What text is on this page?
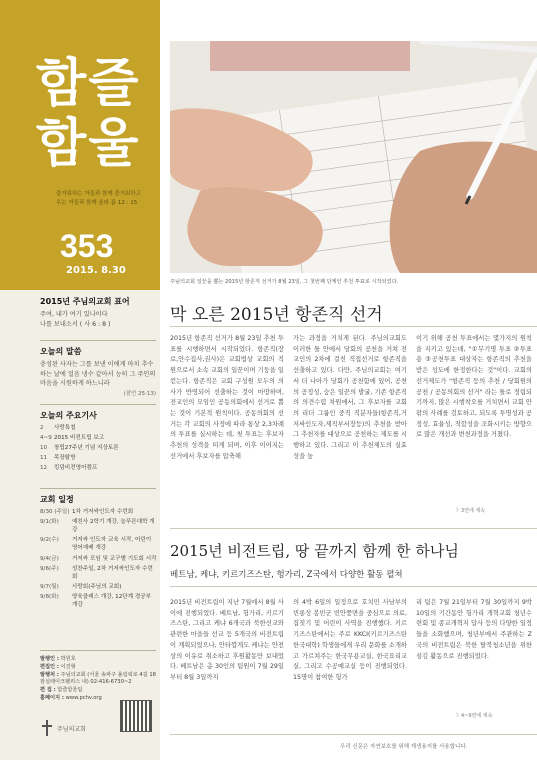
함즐
함울
즐거워하는 자들과 함께 즐거워하고
우는 자들과 함께 울라 롬 12 : 15
353
2015. 8.30
2015년 주님의교회 표어
주여, 내가 여기 있나이다
나를 보내소서 ( 사 6 : 8 )
오늘의 말씀
충성된 사자는 그를 보낸 이에게 마치 추수하는 날에 얼음 냉수 같아서 능히 그 주인의 마음을 시원하게 하느니라
(잠언 25:13)
오늘의 주요기사
2	사랑톡칩
4~9	2015 비전트립 보고
10	창립27주년 기념 지상토론
11	목장탐방
12	킹덤비전영어캠프
교회 일정
8/30 (주일)	1차 거저싸인도자 수련회
9/1(화)	예친사 2학기 개강, 늘푸른대학 개강
9/2(수)	거저싸 인도자 교육 시작, 어린이 영어예배 개강
9/4(금)	거저싸 모임 및 교구별 기도회 시작
9/6(주)	성찬주일, 2차 거저싸인도자 수련회
9/7(월)	사랑회(주님의 교회)
9/8(화)	양육클래스 개강, 12단계 경공부 개강
발행인 : 박원호
편집인 : 이진형
발행처 : 주님의교회 (서울 송파구 올림픽로 4길 18 잠실레이크펠리스 내) 02-416-6730~2
편 집 : 함즐함울팀
홈페이지 : www.pchv.org
주님의교회
주님의교회 일꾼을 뽑는 2015년 항존직 선거가 8월 23일, 그 첫번째 단계인 추천 투표로 시작되었다.
막 오른 2015년 항존직 선거
2015년 항존직 선거가 8월 23일 추천 투표를 시행하면서 시작되었다. 항존직(장로,안수집사,권사)은 교회법상 교회의 직원으로서 소속 교회의 일꾼이며 기둥을 일컫는다. 항존직은 교회 구성원 모두의 의사가 반영되어 선출하는 것이 마땅하며, 전교인의 모임인 공동의회에서 선거로 뽑는 것이 기본적 원칙이다. 공동의회의 선거는 각 교회의 사정에 따라 통상 2,3차례의 투표를 실시하는 데, 첫 투표는 후보자 추천의 성격을 띠게 되며, 이후 이어지는 선거에서 후보자를 압축해
가는 과정을 거치게 된다. 주님의교회도 이러한 틀 안에서 당회의 공천을 거쳐 전교인의 2차에 걸친 직접선거로 항존직을 선출하고 있다. 다만, 주님의교회는 여기서 더 나아가 당회가 공천함에 있어, 공천의 공정성, 숭은 일꾼의 발굴, 기존 항존직의 의견수렴 차원에서, 그 후보자를 교회의 리더 그룹인 중직 직분자들(항존직,거저싸인도자,제직부서장등)의 추천을 받아 그 추천자를 대상으로 공천하는 제도를 시행하고 있다. 그리고 이 추천제도의 실효성을 높
이기 위해 공천 투표에서는 몇가지의 원칙을 지키고 있는데, "①무기명 투표 ②투표용 ③공천투표 대상자는 항존직의 추천을 받은 성도에 한정한다는 것"이다. 교회의 선거제도가 "항존직 등의 추천 / 당회원의 공천 / 공동의회의 선거" 라는 틀로 정립되기까지, 많은 시행착오를 거치면서 교회 안팎의 사례를 검토하고, 되도록 투명성과 공정성, 효율성, 적합성을 조화시키는 방향으로 많은 개선과 변천과정을 거쳤다.
》3면에 계속
2015년 비전트립, 땅 끝까지 함께 한 하나님
베트남, 케냐, 키르기즈스탄, 헝가리, Z국에서 다양한 활동 펼쳐
2015년 비전트립이 지난 7월에서 8월 사이에 진행되었다. 베트남, 헝가리, 키르기즈스탄, 그리고 케냐 6개국과 북한선교와 관련한 마을들 선교 등 5개국의 비전트립이 계획되었으나, 안타깝게도 케냐는 안전상의 이유로 취소하고 후원활동만 보내었다. 베트남은 총 30인의 팀원이 7월 29일부터 8월 3일까지
의 4박 6일의 일정으로 호치민 사남부의 빈롱성 봉빈군 빈안쭝면을 중심으로 의료, 집짓기 및 어린이 사역을 진행했다. 키르기즈스탄에서는 주로 KKCI(키르기즈스탄한국대학) 학생들에게 우리 문화를 소개하고 가르쳐주는 한국무용교실, 한국요리교실, 그리고 수공예교실 등이 진행되었다. 15명이 참여한 헝가
리 팀은 7월 21일부터 7월 30일까지 9박 10일의 기간동안 헝가리 개혁교회 청년수련회 및 종교개혁지 답사 등의 다양한 일정들을 소화했으며, 청년부에서 주관하는 Z국의 비전트립은 북한 탈북청소년을 위한 섬김 활동으로 진행되었다.
》4~9면에 계속
우리 신문은 자연보호를 위해 재생용지를 사용합니다.
